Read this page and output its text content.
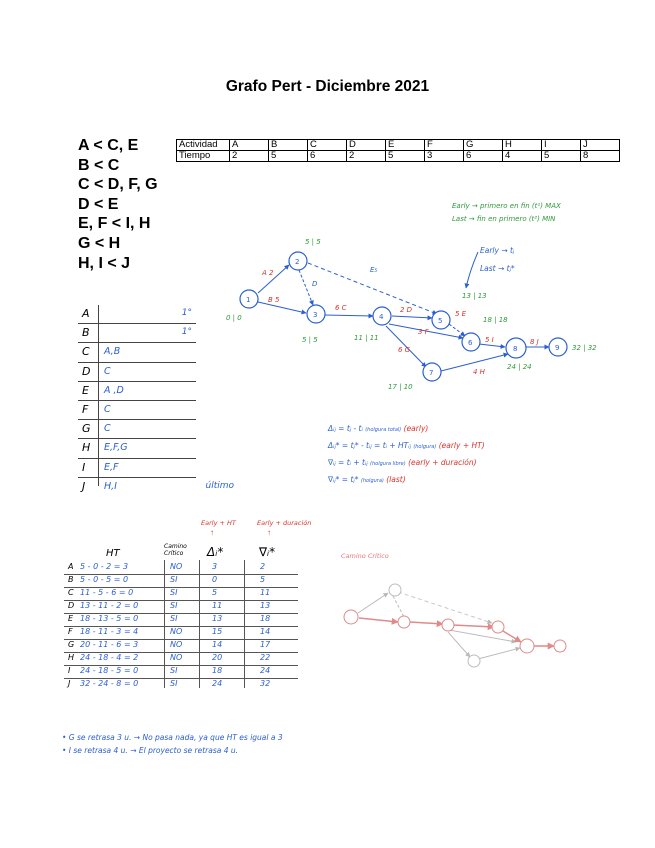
Grafo Pert - Diciembre 2021
A < C, E
B < C
C < D, F, G
D < E
E, F < I, H
G < H
H, I < J
Actividad	A	B	C	D	E	F	G	H	I	J
Tiempo	2	5	6	2	5	3	6	4	5	8
A	1°
B	1°
C A,B
D C
E A ,D
F C
G C
H E,F,G
I E,F
J H,I	último
1
2
3	4	5
6
7
8	9
A 2
B 5
D
E₅
6 C	2 D
3 F
6 G
5 E
5 I
4 H
8 J
0 | 0
5 | 5
5 | 5	11 | 11
13 | 13
18 | 18
17 | 10
24 | 24
32 | 32
Early → primero en fin (t¹) MAX
Last → fin en primero (t²) MIN
Early → tⱼ
Last → tⱼ*
Δᵢⱼ = tⱼ - tᵢ (holgura total) (early)
Δᵢⱼ* = tⱼ* - tᵢⱼ = tᵢ + HTᵢⱼ (holgura) (early + HT)
∇ᵢⱼ = tᵢ + tᵢⱼ (holgura libre) (early + duración)
∇ᵢⱼ* = tⱼ* (holgura) (last)
Early + HT	Early + duración
↑	↑
HT
Camino Crítico	Δᵢ*	∇ᵢ*
A 5 - 0 - 2 = 3	NO	3	2
B 5 - 0 - 5 = 0	SI	0	5
C 11 - 5 - 6 = 0	SI	5	11
D 13 - 11 - 2 = 0	SI	11	13
E 18 - 13 - 5 = 0	SI	13	18
F 18 - 11 - 3 = 4	NO	15	14
G 20 - 11 - 6 = 3	NO	14	17
H 24 - 18 - 4 = 2	NO	20	22
I 24 - 18 - 5 = 0	SI	18	24
J 32 - 24 - 8 = 0	SI	24	32
Camino Crítico
• G se retrasa 3 u. → No pasa nada, ya que HT es igual a 3
• I se retrasa 4 u. → El proyecto se retrasa 4 u.
